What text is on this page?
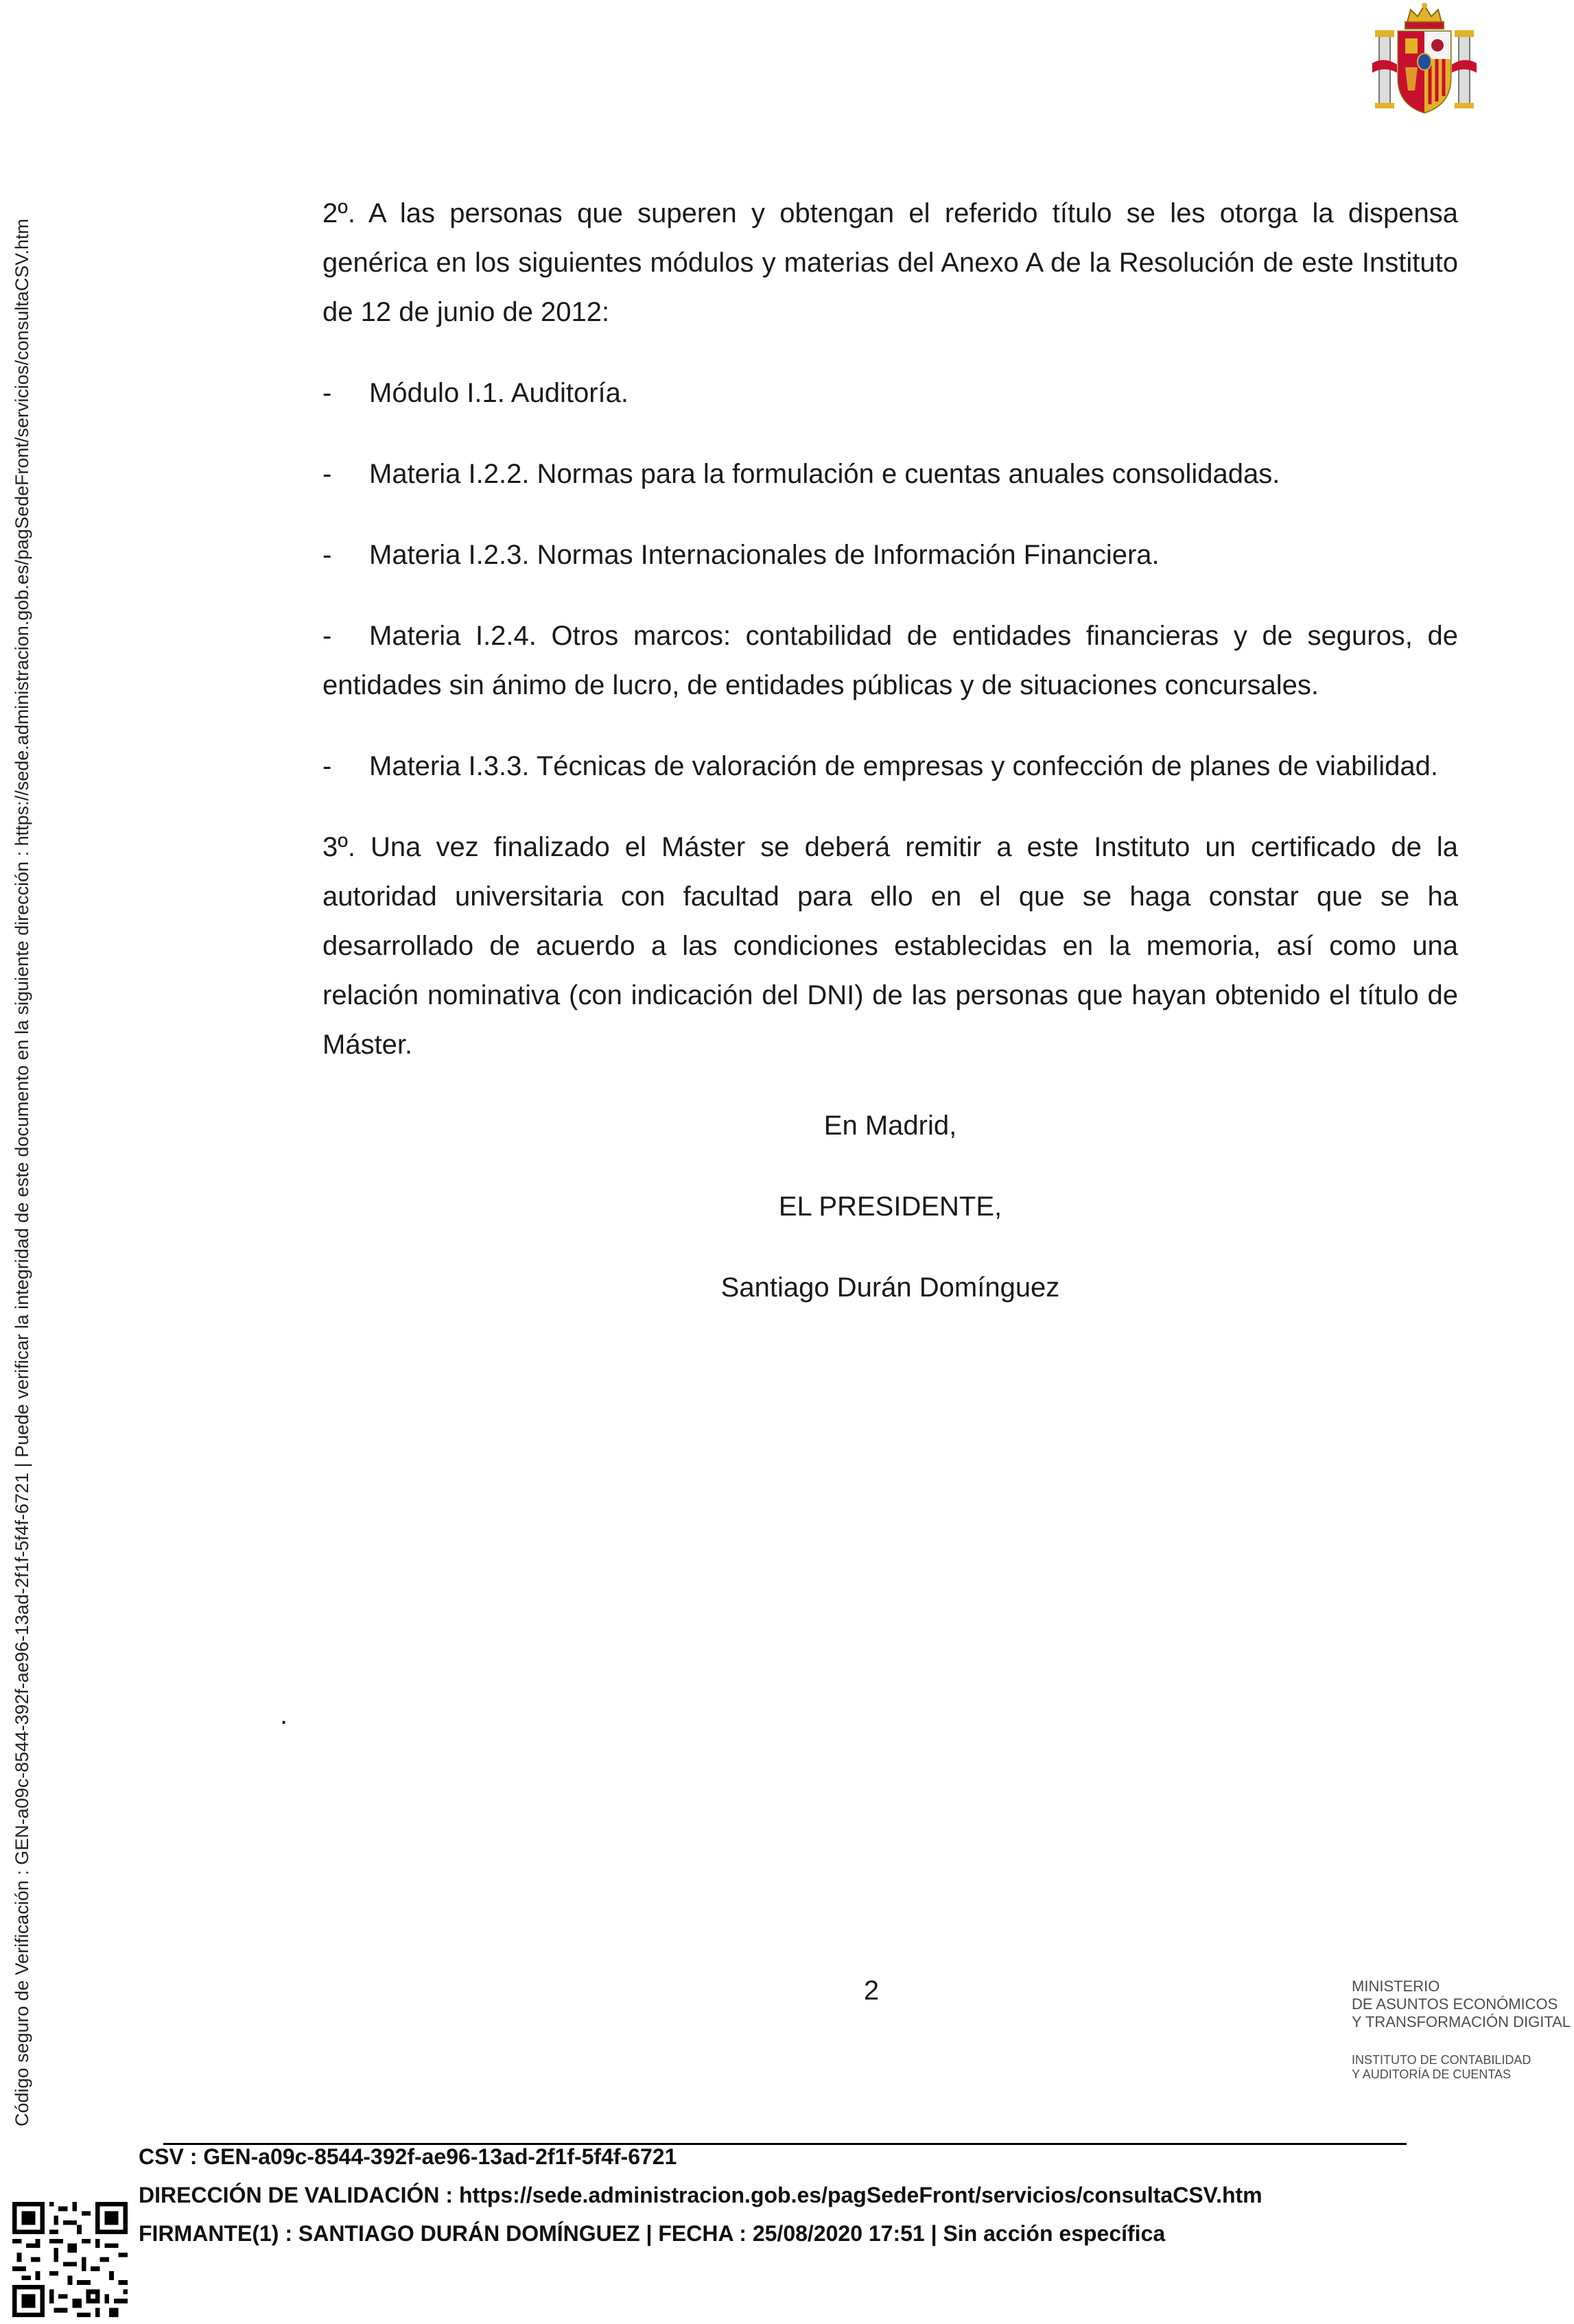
Código seguro de Verificación : GEN-a09c-8544-392f-ae96-13ad-2f1f-5f4f-6721 | Puede verificar la integridad de este documento en la siguiente dirección : https://sede.administracion.gob.es/pagSedeFront/servicios/consultaCSV.htm

2º. A las personas que superen y obtengan el referido título se les otorga la dispensa genérica en los siguientes módulos y materias del Anexo A de la Resolución de este Instituto de 12 de junio de 2012:

- Módulo I.1. Auditoría.

- Materia I.2.2. Normas para la formulación e cuentas anuales consolidadas.

- Materia I.2.3. Normas Internacionales de Información Financiera.

- Materia I.2.4. Otros marcos: contabilidad de entidades financieras y de seguros, de entidades sin ánimo de lucro, de entidades públicas y de situaciones concursales.

- Materia I.3.3. Técnicas de valoración de empresas y confección de planes de viabilidad.

3º. Una vez finalizado el Máster se deberá remitir a este Instituto un certificado de la autoridad universitaria con facultad para ello en el que se haga constar que se ha desarrollado de acuerdo a las condiciones establecidas en la memoria, así como una relación nominativa (con indicación del DNI) de las personas que hayan obtenido el título de Máster.

En Madrid,

EL PRESIDENTE,

Santiago Durán Domínguez

.
2	MINISTERIO
DE ASUNTOS ECONÓMICOS
Y TRANSFORMACIÓN DIGITAL
INSTITUTO DE CONTABILIDAD
Y AUDITORÍA DE CUENTAS
CSV : GEN-a09c-8544-392f-ae96-13ad-2f1f-5f4f-6721
DIRECCIÓN DE VALIDACIÓN : https://sede.administracion.gob.es/pagSedeFront/servicios/consultaCSV.htm
FIRMANTE(1) : SANTIAGO DURÁN DOMÍNGUEZ | FECHA : 25/08/2020 17:51 | Sin acción específica
